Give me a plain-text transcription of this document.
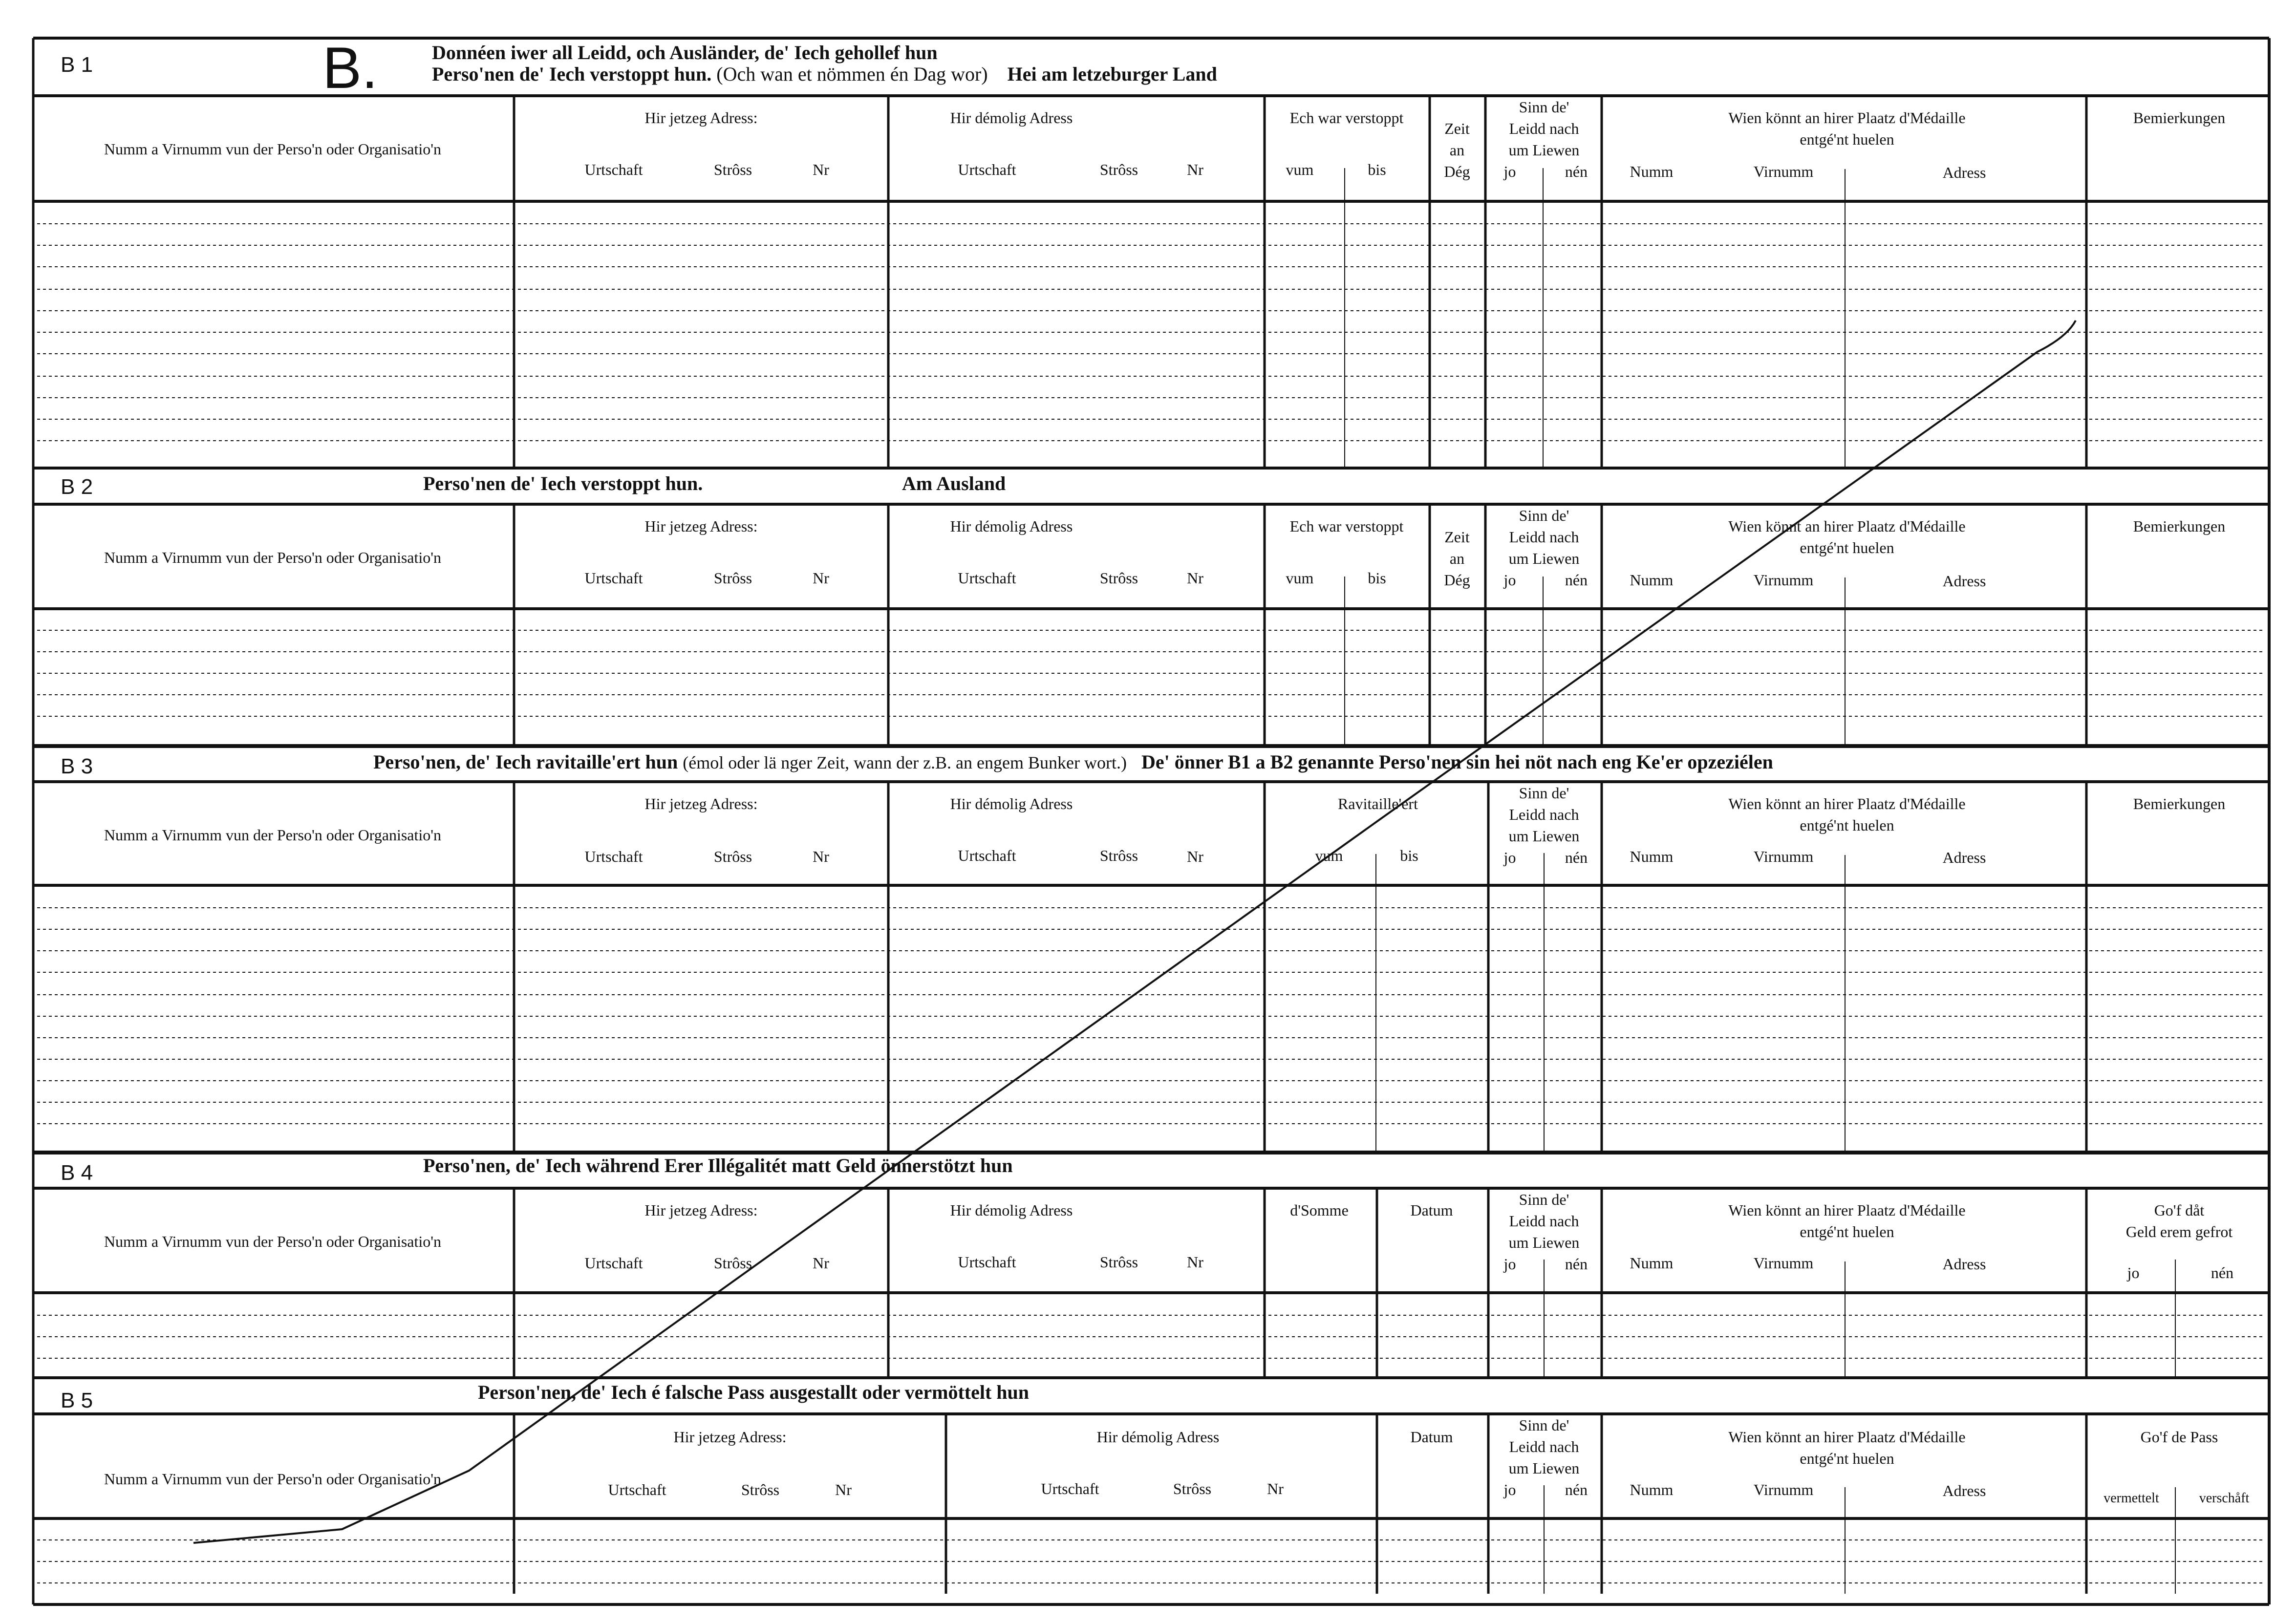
B.
B 1
Donnéen iwer all Leidd, och Ausländer, de' Iech gehollef hun
Perso'nen de' Iech verstoppt hun. (Och wan et nömmen én Dag wor) Hei am letzeburger Land
B 2	Perso'nen de' Iech verstoppt hun.	Am Ausland
B 3	Perso'nen, de' Iech ravitaille'ert hun (émol oder lä nger Zeit, wann der z.B. an engem Bunker wort.) De' önner B1 a B2 genannte Perso'nen sin hei nöt nach eng Ke'er opzeziélen
B 4	Perso'nen, de' Iech während Erer Illégalitét matt Geld önnerstötzt hun
B 5	Person'nen, de' Iech é falsche Pass ausgestallt oder vermöttelt hun
Numm a Virnumm vun der Perso'n oder Organisatio'n
Hir jetzeg Adress:
Urtschaft	Strôss	Nr
Hir démolig Adress
Urtschaft	Strôss	Nr
Ech war verstoppt
vum	bis
Zeit
an
Dég
Sinn de'
Leidd nach
um Liewen
jo	nén
Wien könnt an hirer Plaatz d'Médaille
entgé'nt huelen
Numm	Virnumm	Adress
Bemierkungen
Numm a Virnumm vun der Perso'n oder Organisatio'n
Hir jetzeg Adress:
Urtschaft	Strôss	Nr
Hir démolig Adress
Urtschaft	Strôss	Nr
Ech war verstoppt
vum	bis
Zeit
an
Dég
Sinn de'
Leidd nach
um Liewen
jo	nén
Wien könnt an hirer Plaatz d'Médaille
entgé'nt huelen
Numm	Virnumm	Adress
Bemierkungen
Numm a Virnumm vun der Perso'n oder Organisatio'n
Hir jetzeg Adress:
Urtschaft	Strôss	Nr
Hir démolig Adress
Urtschaft	Strôss	Nr
Ravitaille'ert
vum	bis
Sinn de'
Leidd nach
um Liewen
jo	nén
Wien könnt an hirer Plaatz d'Médaille
entgé'nt huelen
Numm	Virnumm	Adress
Bemierkungen
Numm a Virnumm vun der Perso'n oder Organisatio'n
Hir jetzeg Adress:
Urtschaft	Strôss	Nr
Hir démolig Adress
Urtschaft	Strôss	Nr
d'Somme	Datum
Sinn de'
Leidd nach
um Liewen
jo	nén
Wien könnt an hirer Plaatz d'Médaille
entgé'nt huelen
Numm	Virnumm	Adress
Go'f dåt
Geld erem gefrot
jo	nén
Numm a Virnumm vun der Perso'n oder Organisatio'n
Hir jetzeg Adress:
Urtschaft	Strôss	Nr
Hir démolig Adress
Urtschaft	Strôss	Nr
Datum
Sinn de'
Leidd nach
um Liewen
jo	nén
Wien könnt an hirer Plaatz d'Médaille
entgé'nt huelen
Numm	Virnumm	Adress
Go'f de Pass
vermettelt	verschåft
